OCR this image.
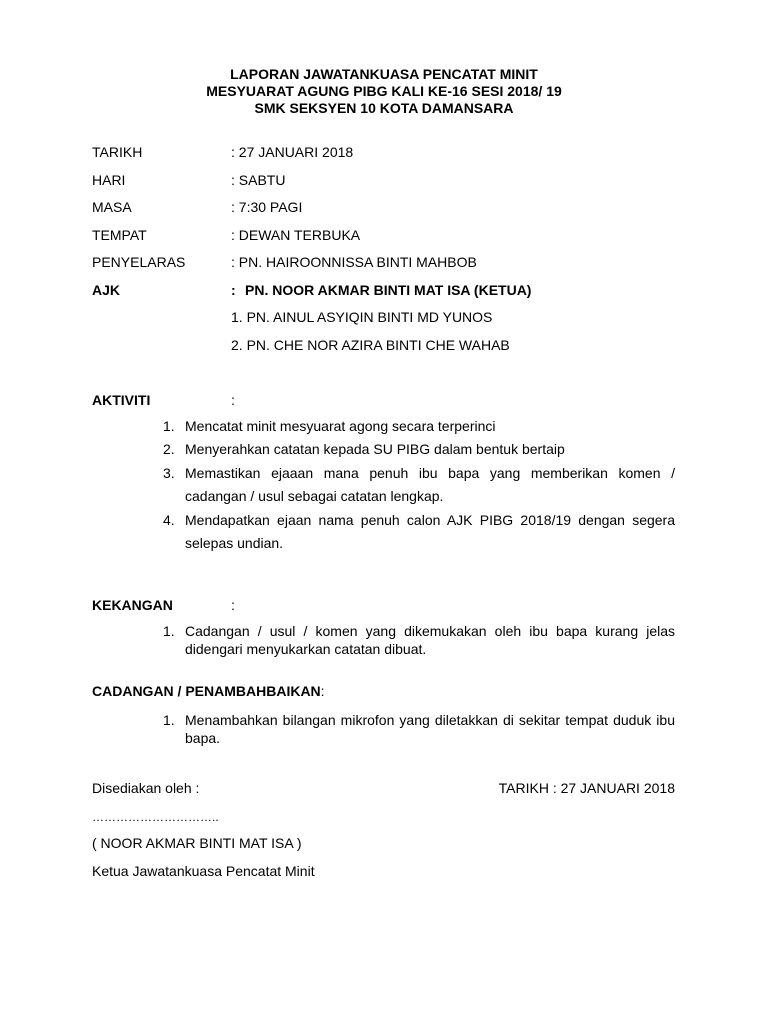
LAPORAN JAWATANKUASA PENCATAT MINIT
MESYUARAT AGUNG PIBG KALI KE-16 SESI 2018/ 19
SMK SEKSYEN 10 KOTA DAMANSARA
TARIKH	: 27 JANUARI 2018
HARI	: SABTU
MASA	: 7:30 PAGI
TEMPAT	: DEWAN TERBUKA
PENYELARAS	: PN. HAIROONNISSA BINTI MAHBOB
AJK	: PN. NOOR AKMAR BINTI MAT ISA (KETUA)
1. PN. AINUL ASYIQIN BINTI MD YUNOS
2. PN. CHE NOR AZIRA BINTI CHE WAHAB
AKTIVITI	:
1. Mencatat minit mesyuarat agong secara terperinci
2. Menyerahkan catatan kepada SU PIBG dalam bentuk bertaip
3. Memastikan ejaaan mana penuh ibu bapa yang memberikan komen / cadangan / usul sebagai catatan lengkap.
4. Mendapatkan ejaan nama penuh calon AJK PIBG 2018/19 dengan segera selepas undian.
KEKANGAN	:
1. Cadangan / usul / komen yang dikemukakan oleh ibu bapa kurang jelas didengari menyukarkan catatan dibuat.
CADANGAN / PENAMBAHBAIKAN:
1. Menambahkan bilangan mikrofon yang diletakkan di sekitar tempat duduk ibu bapa.
Disediakan oleh :	TARIKH : 27 JANUARI 2018
…………………………..
( NOOR AKMAR BINTI MAT ISA )
Ketua Jawatankuasa Pencatat Minit
